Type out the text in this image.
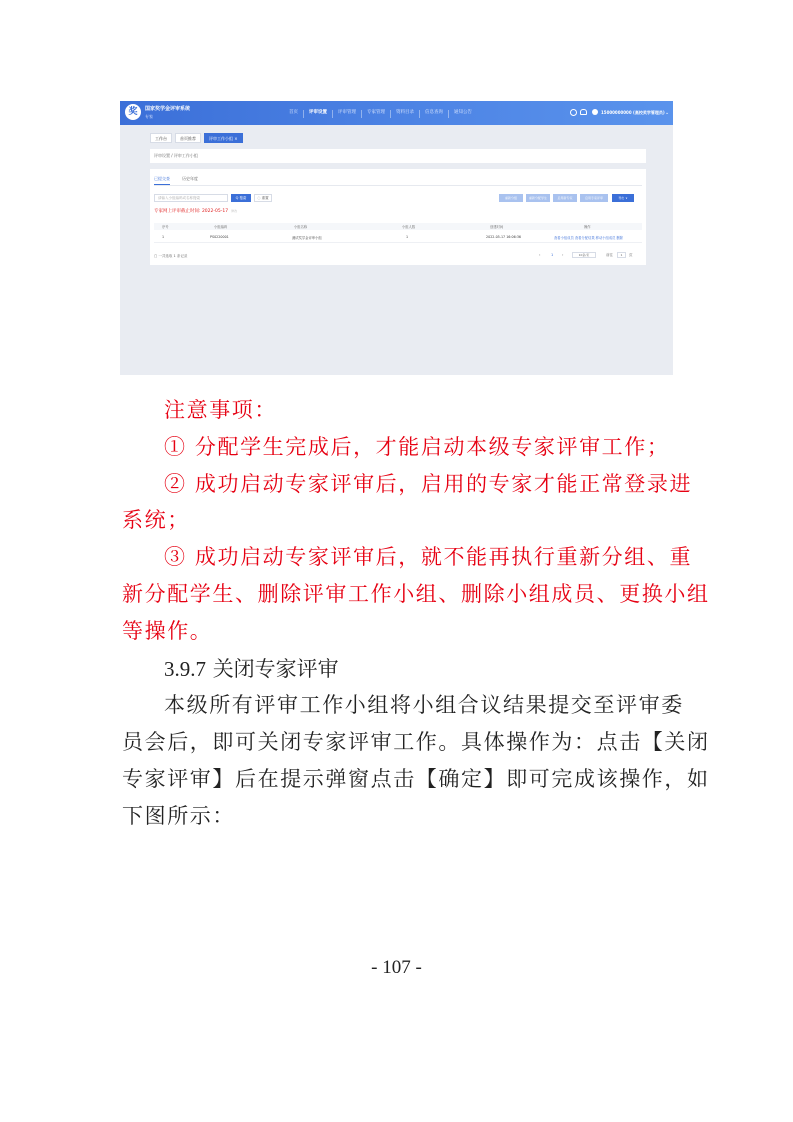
奖	国家奖学金评审系统
专家
首页	评审设置	评审管理	专家管理	资料目录	信息查询	通知公告	15000000000 (高校奖学管理员) ⌄
工作台	首页推荐	评审工作小组 ×
评审设置 / 评审工作小组
已提交查	历史年度
请输入小组编码或名称搜索	Q 搜索	◌ 重置	重新分组	重新分配学生	启用新专家	启用专家评审	导出 ∨
专家网上评审截止时间: 2022-05-17 修改
序号	小组编码	小组名称	小组人数	创建时间	操作
1	PS0220001	测试奖学金评审小组	1	2022-05-17 16:06:36	查看小组成员 查看分配结果 移动小组成员 删除
▢ 一共选取 1 条记录	‹	1	›	10条/页	前往	1	页
注意事项：
① 分配学生完成后，才能启动本级专家评审工作；
② 成功启动专家评审后，启用的专家才能正常登录进
系统；
③ 成功启动专家评审后，就不能再执行重新分组、重
新分配学生、删除评审工作小组、删除小组成员、更换小组
等操作。
3.9.7 关闭专家评审
本级所有评审工作小组将小组合议结果提交至评审委
员会后，即可关闭专家评审工作。具体操作为：点击【关闭
专家评审】后在提示弹窗点击【确定】即可完成该操作，如
下图所示：
- 107 -
